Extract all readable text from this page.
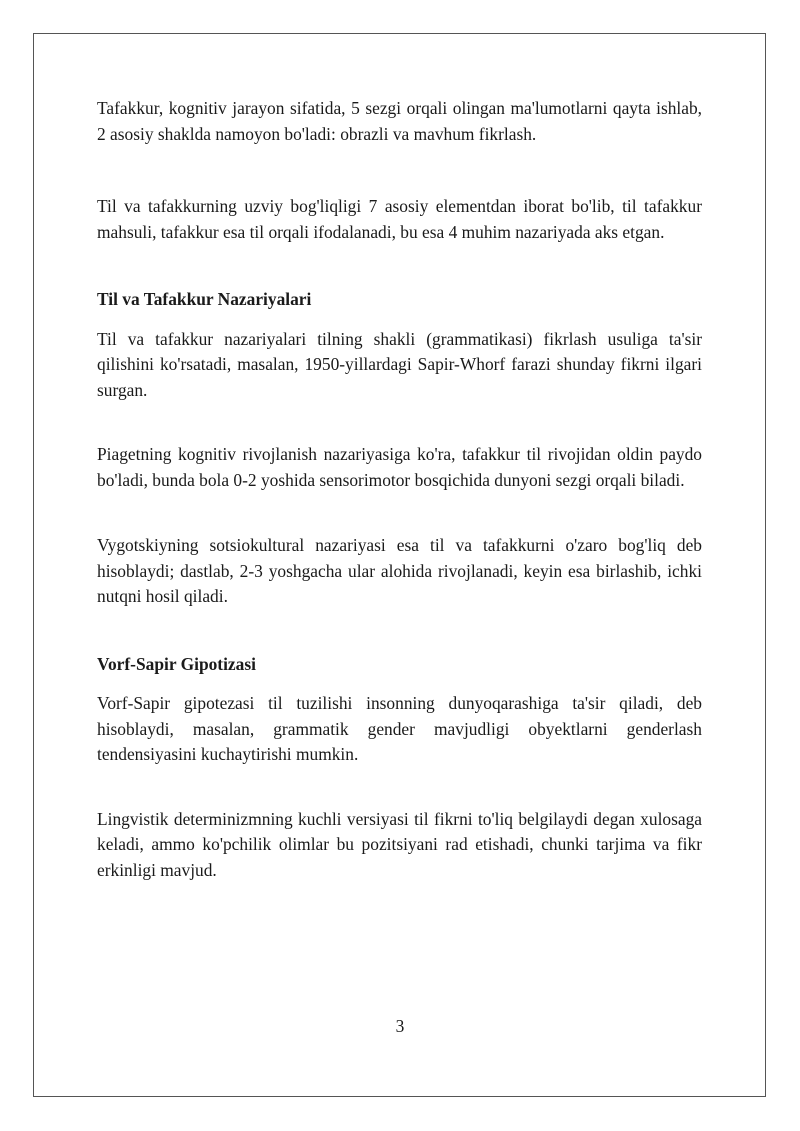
Tafakkur, kognitiv jarayon sifatida, 5 sezgi orqali olingan ma'lumotlarni qayta ishlab, 2 asosiy shaklda namoyon bo'ladi: obrazli va mavhum fikrlash.

Til va tafakkurning uzviy bog'liqligi 7 asosiy elementdan iborat bo'lib, til tafakkur mahsuli, tafakkur esa til orqali ifodalanadi, bu esa 4 muhim nazariyada aks etgan.

Til va Tafakkur Nazariyalari

Til va tafakkur nazariyalari tilning shakli (grammatikasi) fikrlash usuliga ta'sir qilishini ko'rsatadi, masalan, 1950-yillardagi Sapir-Whorf farazi shunday fikrni ilgari surgan.

Piagetning kognitiv rivojlanish nazariyasiga ko'ra, tafakkur til rivojidan oldin paydo bo'ladi, bunda bola 0-2 yoshida sensorimotor bosqichida dunyoni sezgi orqali biladi.

Vygotskiyning sotsiokultural nazariyasi esa til va tafakkurni o'zaro bog'liq deb hisoblaydi; dastlab, 2-3 yoshgacha ular alohida rivojlanadi, keyin esa birlashib, ichki nutqni hosil qiladi.

Vorf-Sapir Gipotizasi

Vorf-Sapir gipotezasi til tuzilishi insonning dunyoqarashiga ta'sir qiladi, deb hisoblaydi, masalan, grammatik gender mavjudligi obyektlarni genderlash tendensiyasini kuchaytirishi mumkin.

Lingvistik determinizmning kuchli versiyasi til fikrni to'liq belgilaydi degan xulosaga keladi, ammo ko'pchilik olimlar bu pozitsiyani rad etishadi, chunki tarjima va fikr erkinligi mavjud.

3
